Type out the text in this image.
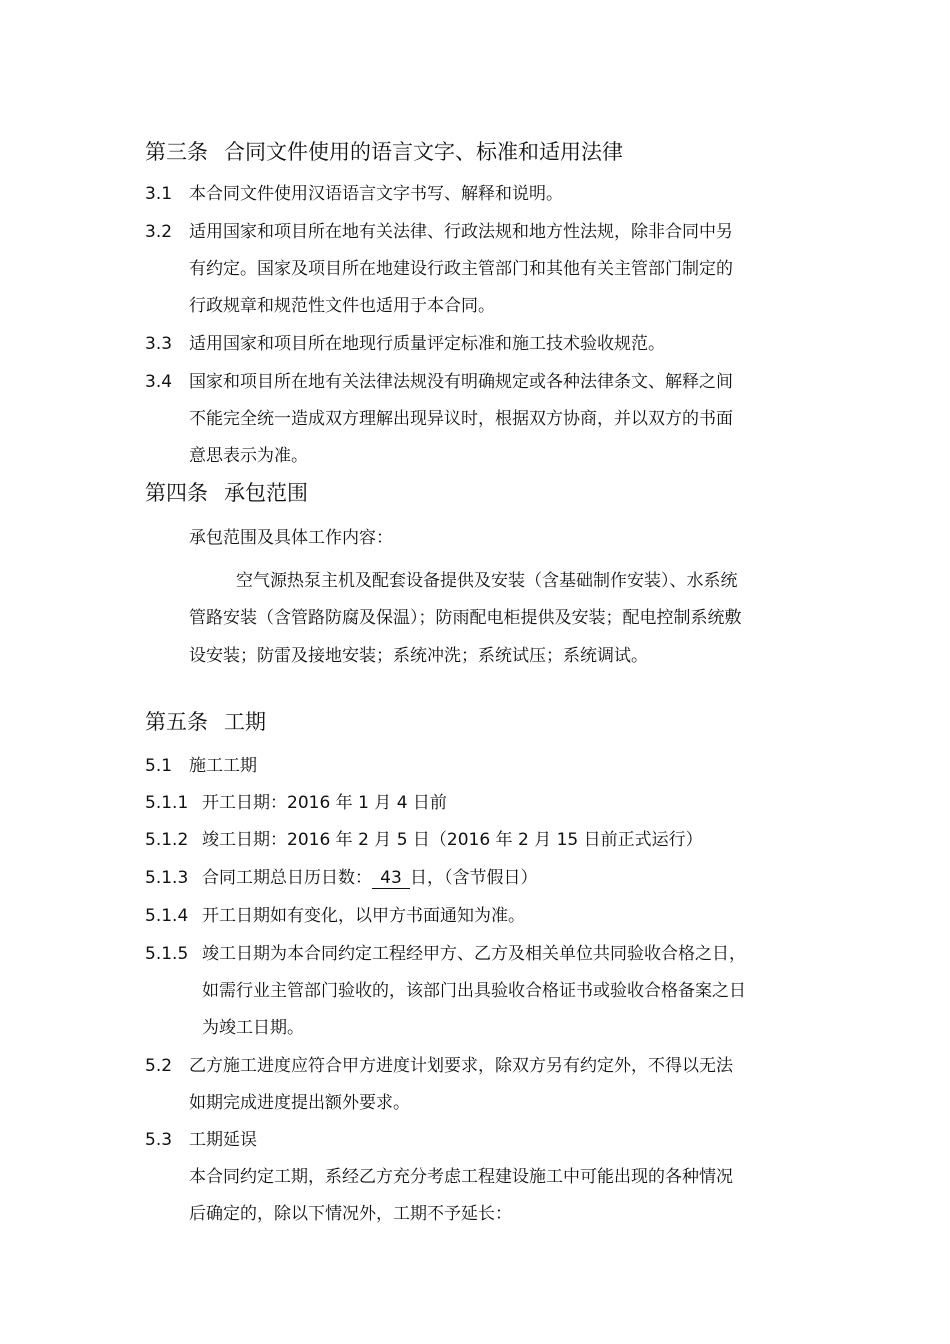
第三条 合同文件使用的语言文字、标准和适用法律
3.1 本合同文件使用汉语语言文字书写、解释和说明。
3.2 适用国家和项目所在地有关法律、行政法规和地方性法规，除非合同中另
有约定。国家及项目所在地建设行政主管部门和其他有关主管部门制定的
行政规章和规范性文件也适用于本合同。
3.3 适用国家和项目所在地现行质量评定标准和施工技术验收规范。
3.4 国家和项目所在地有关法律法规没有明确规定或各种法律条文、解释之间
不能完全统一造成双方理解出现异议时，根据双方协商，并以双方的书面
意思表示为准。
第四条 承包范围
承包范围及具体工作内容：
空气源热泵主机及配套设备提供及安装（含基础制作安装）、水系统
管路安装（含管路防腐及保温）；防雨配电柜提供及安装；配电控制系统敷
设安装；防雷及接地安装；系统冲洗；系统试压；系统调试。
第五条 工期
5.1 施工工期
5.1.1 开工日期：2016 年 1 月 4 日前
5.1.2 竣工日期：2016 年 2 月 5 日（2016 年 2 月 15 日前正式运行）
5.1.3 合同工期总日历日数： 43 日，（含节假日）
5.1.4 开工日期如有变化，以甲方书面通知为准。
5.1.5 竣工日期为本合同约定工程经甲方、乙方及相关单位共同验收合格之日，
如需行业主管部门验收的，该部门出具验收合格证书或验收合格备案之日
为竣工日期。
5.2 乙方施工进度应符合甲方进度计划要求，除双方另有约定外，不得以无法
如期完成进度提出额外要求。
5.3 工期延误
本合同约定工期，系经乙方充分考虑工程建设施工中可能出现的各种情况
后确定的，除以下情况外，工期不予延长：
